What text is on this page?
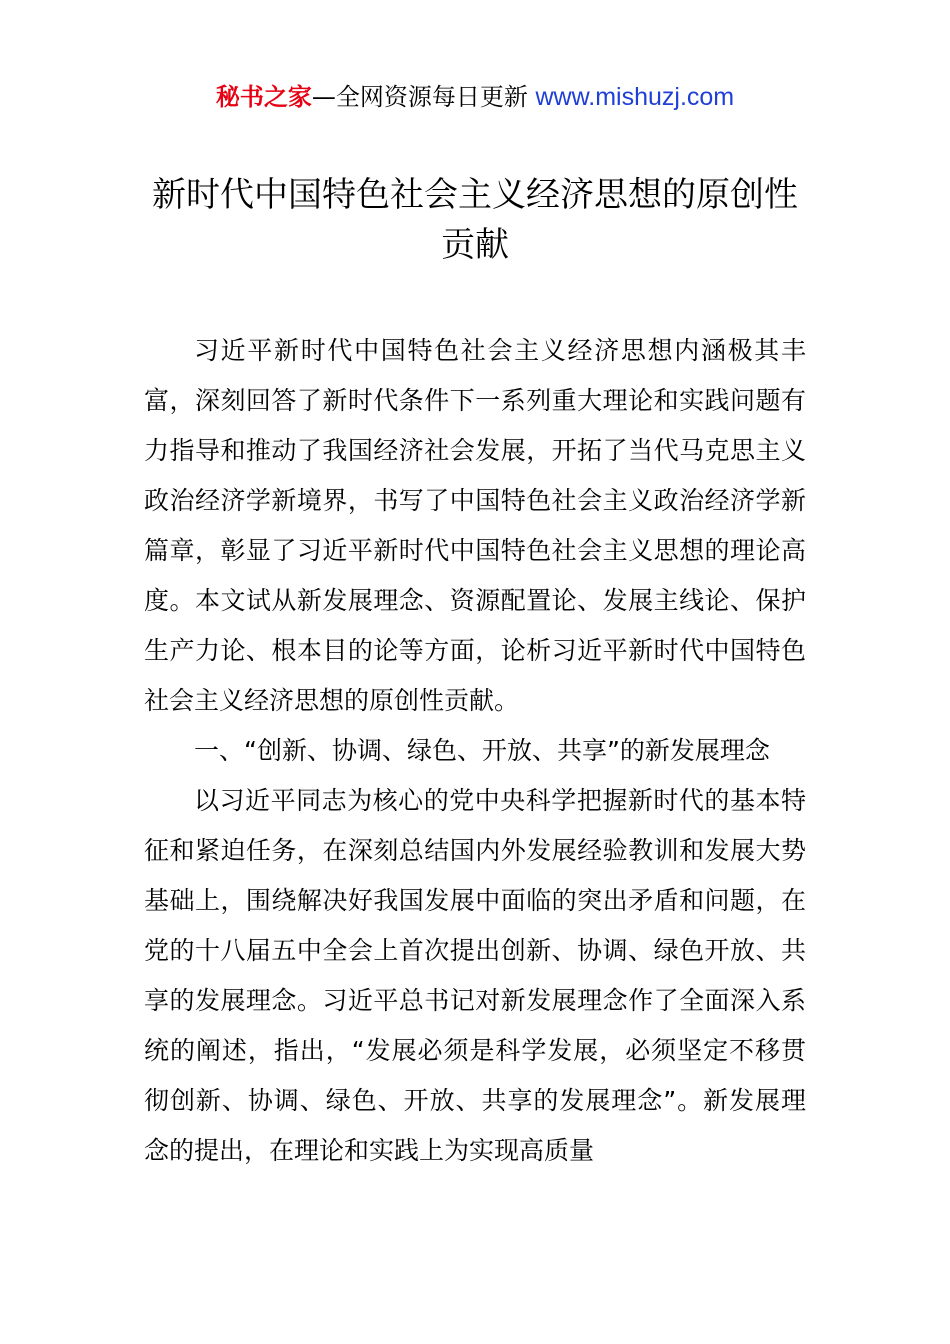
秘书之家—全网资源每日更新 www.mishuzj.com
新时代中国特色社会主义经济思想的原创性贡献

习近平新时代中国特色社会主义经济思想内涵极其丰富，深刻回答了新时代条件下一系列重大理论和实践问题有力指导和推动了我国经济社会发展，开拓了当代马克思主义政治经济学新境界，书写了中国特色社会主义政治经济学新篇章，彰显了习近平新时代中国特色社会主义思想的理论高度。本文试从新发展理念、资源配置论、发展主线论、保护生产力论、根本目的论等方面，论析习近平新时代中国特色社会主义经济思想的原创性贡献。

一、“创新、协调、绿色、开放、共享”的新发展理念

以习近平同志为核心的党中央科学把握新时代的基本特征和紧迫任务，在深刻总结国内外发展经验教训和发展大势基础上，围绕解决好我国发展中面临的突出矛盾和问题，在党的十八届五中全会上首次提出创新、协调、绿色开放、共享的发展理念。习近平总书记对新发展理念作了全面深入系统的阐述，指出，“发展必须是科学发展，必须坚定不移贯彻创新、协调、绿色、开放、共享的发展理念”。新发展理念的提出，在理论和实践上为实现高质量
